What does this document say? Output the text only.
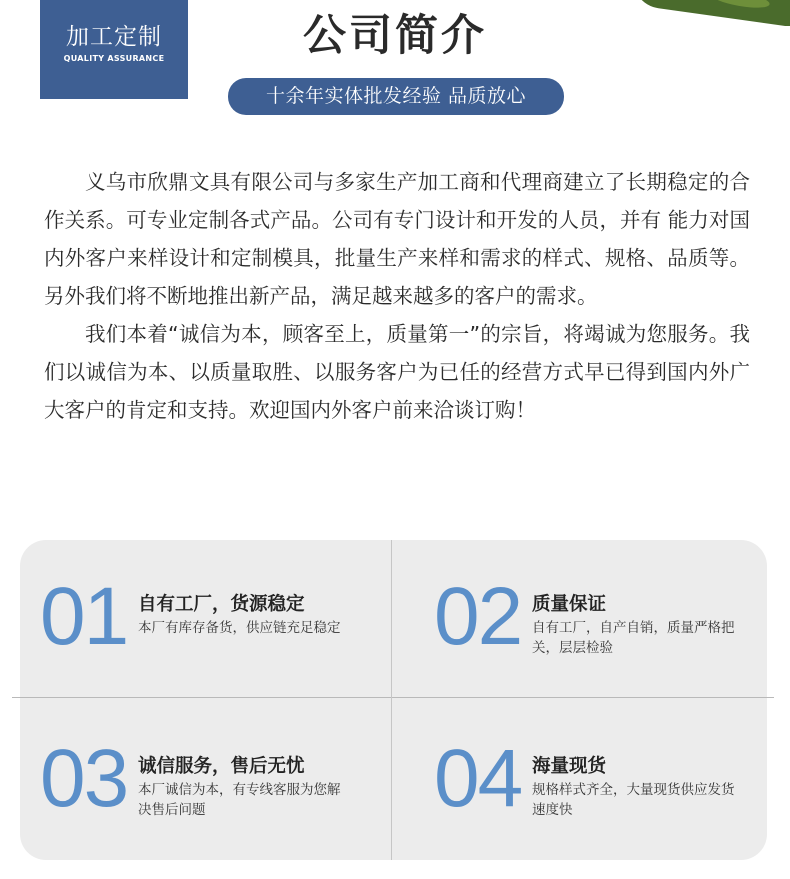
加工定制
QUALITY ASSURANCE	公司简介
十余年实体批发经验 品质放心

义乌市欣鼎文具有限公司与多家生产加工商和代理商建立了长期稳定的合作关系。可专业定制各式产品。公司有专门设计和开发的人员，并有 能力对国内外客户来样设计和定制模具，批量生产来样和需求的样式、规格、品质等。另外我们将不断地推出新产品，满足越来越多的客户的需求。

我们本着“诚信为本，顾客至上，质量第一”的宗旨，将竭诚为您服务。我们以诚信为本、以质量取胜、以服务客户为已任的经营方式早已得到国内外广大客户的肯定和支持。欢迎国内外客户前来洽谈订购！

01 自有工厂，货源稳定
本厂有库存备货，供应链充足稳定 02 质量保证
自有工厂，自产自销，质量严格把关，层层检验
03 诚信服务，售后无忧
本厂诚信为本，有专线客服为您解决售后问题	04 海量现货
规格样式齐全，大量现货供应发货速度快
